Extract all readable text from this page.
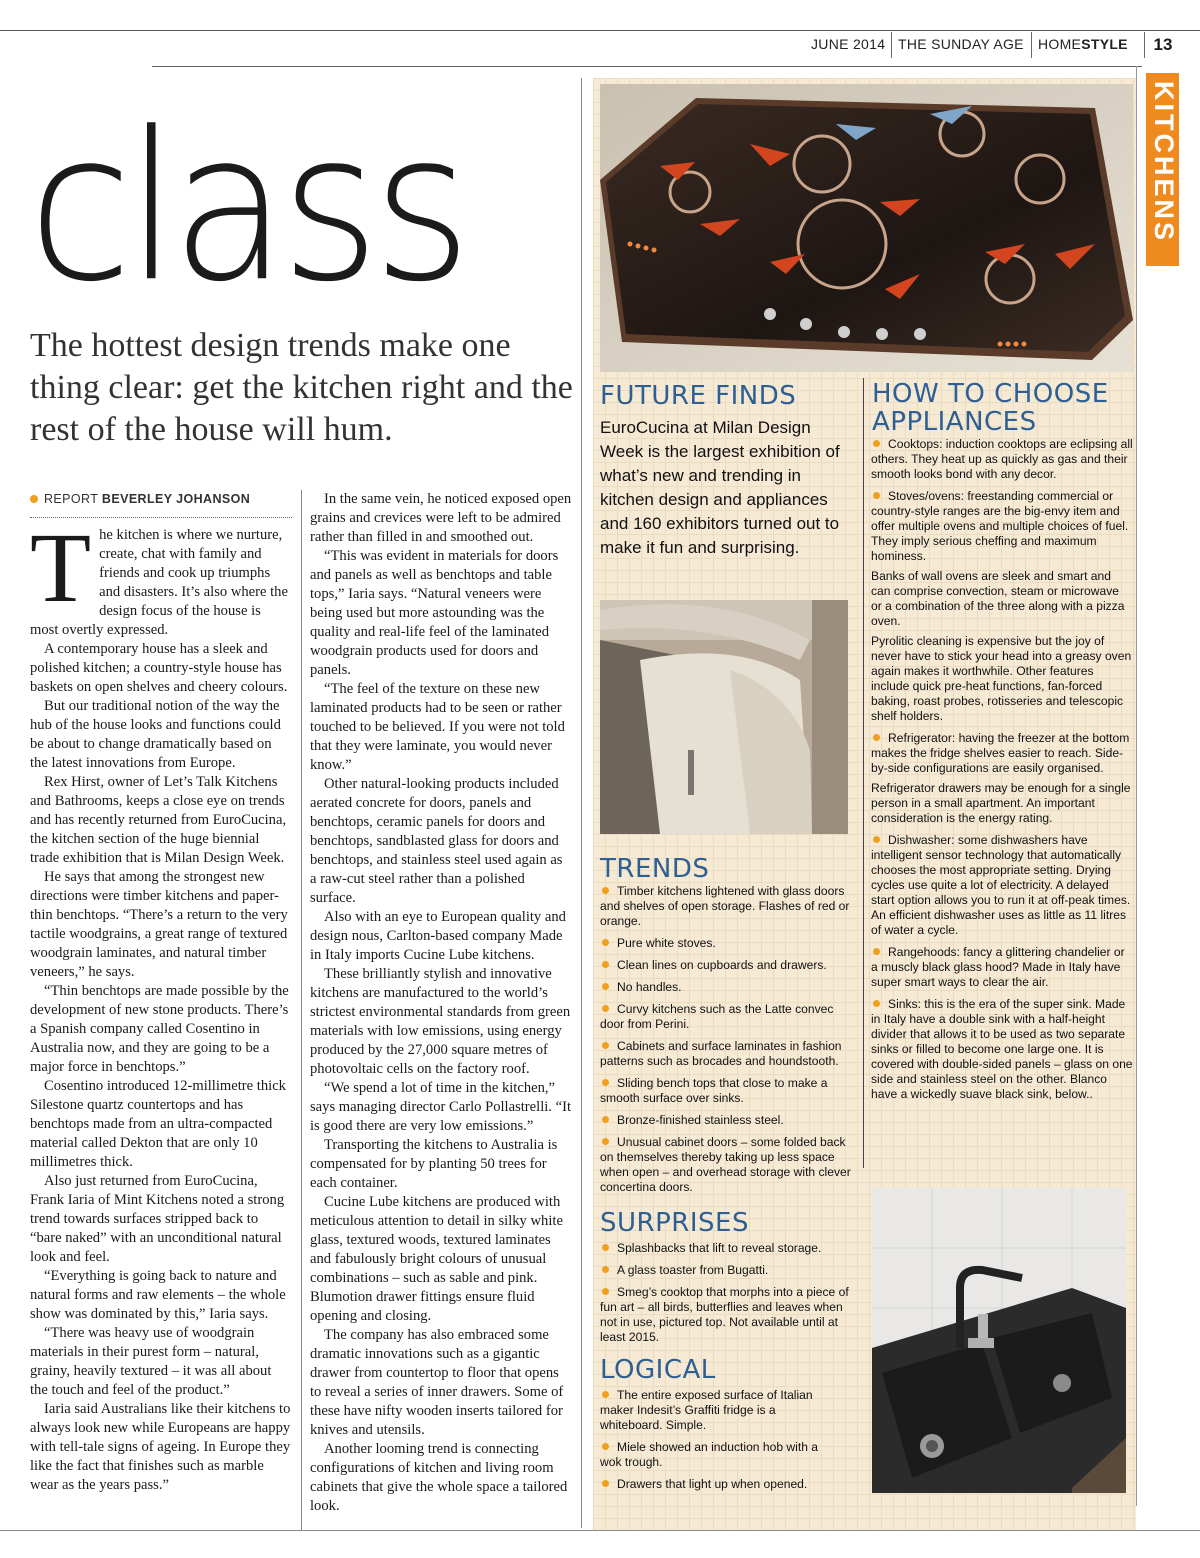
JUNE 2014 THE SUNDAY AGE HOMESTYLE	13
KITCHENS
class
The hottest design trends make one thing clear: get the kitchen right and the rest of the house will hum.
REPORT BEVERLEY JOHANSON

The kitchen is where we nurture, create, chat with family and friends and cook up triumphs and disasters. It’s also where the design focus of the house is most overtly expressed.

A contemporary house has a sleek and polished kitchen; a country-style house has baskets on open shelves and cheery colours.

But our traditional notion of the way the hub of the house looks and functions could be about to change dramatically based on the latest innovations from Europe.

Rex Hirst, owner of Let’s Talk Kitchens and Bathrooms, keeps a close eye on trends and has recently returned from EuroCucina, the kitchen section of the huge biennial trade exhibition that is Milan Design Week.

He says that among the strongest new directions were timber kitchens and paper-thin benchtops. “There’s a return to the very tactile woodgrains, a great range of textured woodgrain laminates, and natural timber veneers,” he says.

“Thin benchtops are made possible by the development of new stone products. There’s a Spanish company called Cosentino in Australia now, and they are going to be a major force in benchtops.”

Cosentino introduced 12-millimetre thick Silestone quartz countertops and has benchtops made from an ultra-compacted material called Dekton that are only 10 millimetres thick.

Also just returned from EuroCucina, Frank Iaria of Mint Kitchens noted a strong trend towards surfaces stripped back to “bare naked” with an unconditional natural look and feel.

“Everything is going back to nature and natural forms and raw elements – the whole show was dominated by this,” Iaria says.

“There was heavy use of woodgrain materials in their purest form – natural, grainy, heavily textured – it was all about the touch and feel of the product.”

Iaria said Australians like their kitchens to always look new while Europeans are happy with tell-tale signs of ageing. In Europe they like the fact that finishes such as marble wear as the years pass.”

In the same vein, he noticed exposed open grains and crevices were left to be admired rather than filled in and smoothed out.

“This was evident in materials for doors and panels as well as benchtops and table tops,” Iaria says. “Natural veneers were being used but more astounding was the quality and real-life feel of the laminated woodgrain products used for doors and panels.

“The feel of the texture on these new laminated products had to be seen or rather touched to be believed. If you were not told that they were laminate, you would never know.”

Other natural-looking products included aerated concrete for doors, panels and benchtops, ceramic panels for doors and benchtops, sandblasted glass for doors and benchtops, and stainless steel used again as a raw-cut steel rather than a polished surface.

Also with an eye to European quality and design nous, Carlton-based company Made in Italy imports Cucine Lube kitchens.

These brilliantly stylish and innovative kitchens are manufactured to the world’s strictest environmental standards from green materials with low emissions, using energy produced by the 27,000 square metres of photovoltaic cells on the factory roof.

“We spend a lot of time in the kitchen,” says managing director Carlo Pollastrelli. “It is good there are very low emissions.”

Transporting the kitchens to Australia is compensated for by planting 50 trees for each container.

Cucine Lube kitchens are produced with meticulous attention to detail in silky white glass, textured woods, textured laminates and fabulously bright colours of unusual combinations – such as sable and pink. Blumotion drawer fittings ensure fluid opening and closing.

The company has also embraced some dramatic innovations such as a gigantic drawer from countertop to floor that opens to reveal a series of inner drawers. Some of these have nifty wooden inserts tailored for knives and utensils.

Another looming trend is connecting configurations of kitchen and living room cabinets that give the whole space a tailored look.

FUTURE FINDS
EuroCucina at Milan Design Week is the largest exhibition of what’s new and trending in kitchen design and appliances and 160 exhibitors turned out to make it fun and surprising.
TRENDS
Timber kitchens lightened with glass doors and shelves of open storage. Flashes of red or orange.
Pure white stoves.
Clean lines on cupboards and drawers.
No handles.
Curvy kitchens such as the Latte convec door from Perini.
Cabinets and surface laminates in fashion patterns such as brocades and houndstooth.
Sliding bench tops that close to make a smooth surface over sinks.
Bronze-finished stainless steel.
Unusual cabinet doors – some folded back on themselves thereby taking up less space when open – and overhead storage with clever concertina doors.
SURPRISES
Splashbacks that lift to reveal storage.
A glass toaster from Bugatti.
Smeg’s cooktop that morphs into a piece of fun art – all birds, butterflies and leaves when not in use, pictured top. Not available until at least 2015.
LOGICAL
The entire exposed surface of Italian maker Indesit’s Graffiti fridge is a whiteboard. Simple.
Miele showed an induction hob with a wok trough.
Drawers that light up when opened.
HOW TO CHOOSE
APPLIANCES
Cooktops: induction cooktops are eclipsing all others. They heat up as quickly as gas and their smooth looks bond with any decor.
Stoves/ovens: freestanding commercial or country-style ranges are the big-envy item and offer multiple ovens and multiple choices of fuel. They imply serious cheffing and maximum hominess.
Banks of wall ovens are sleek and smart and can comprise convection, steam or microwave or a combination of the three along with a pizza oven.
Pyrolitic cleaning is expensive but the joy of never have to stick your head into a greasy oven again makes it worthwhile. Other features include quick pre-heat functions, fan-forced baking, roast probes, rotisseries and telescopic shelf holders.
Refrigerator: having the freezer at the bottom makes the fridge shelves easier to reach. Side-by-side configurations are easily organised.
Refrigerator drawers may be enough for a single person in a small apartment. An important consideration is the energy rating.
Dishwasher: some dishwashers have intelligent sensor technology that automatically chooses the most appropriate setting. Drying cycles use quite a lot of electricity. A delayed start option allows you to run it at off-peak times. An efficient dishwasher uses as little as 11 litres of water a cycle.
Rangehoods: fancy a glittering chandelier or a muscly black glass hood? Made in Italy have super smart ways to clear the air.
Sinks: this is the era of the super sink. Made in Italy have a double sink with a half-height divider that allows it to be used as two separate sinks or filled to become one large one. It is covered with double-sided panels – glass on one side and stainless steel on the other. Blanco have a wickedly suave black sink, below..
